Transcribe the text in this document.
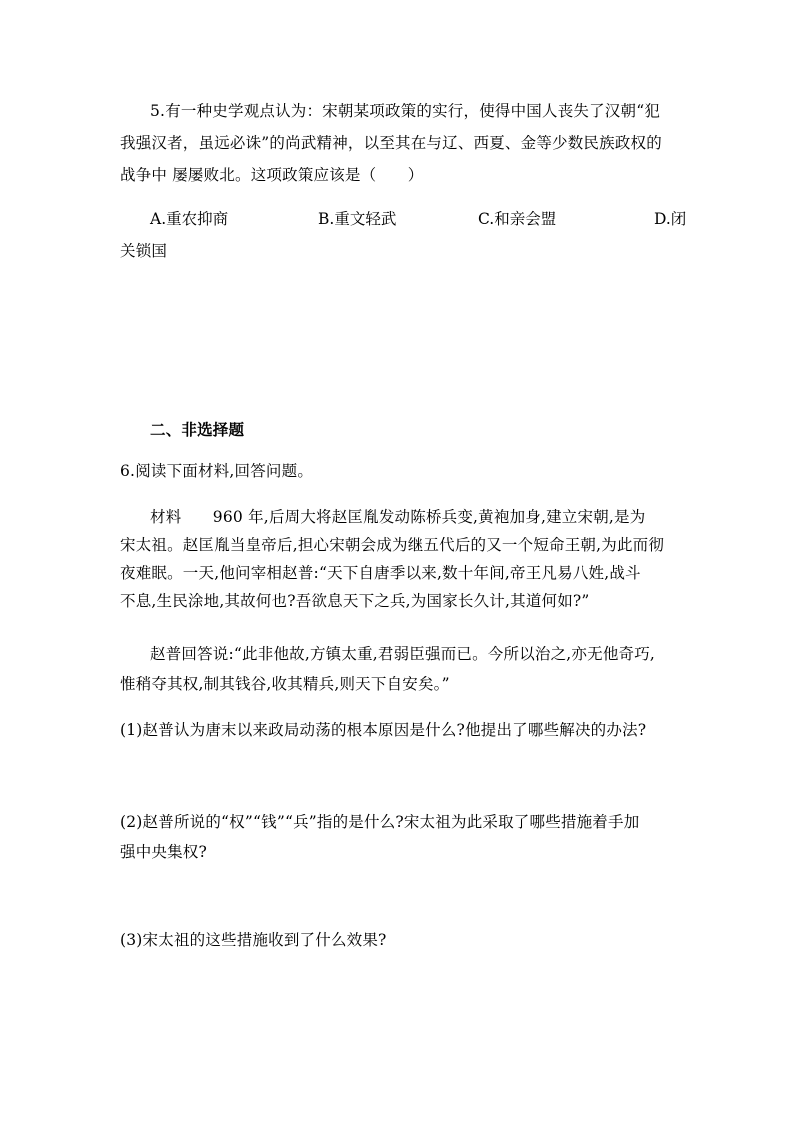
5.有一种史学观点认为：宋朝某项政策的实行，使得中国人丧失了汉朝“犯
我强汉者，虽远必诛”的尚武精神，以至其在与辽、西夏、金等少数民族政权的
战争中 屡屡败北。这项政策应该是（　　）
A.重农抑商	B.重文轻武	C.和亲会盟	D.闭
关锁国
二、非选择题
6.阅读下面材料,回答问题。
材料　　960 年,后周大将赵匡胤发动陈桥兵变,黄袍加身,建立宋朝,是为
宋太祖。赵匡胤当皇帝后,担心宋朝会成为继五代后的又一个短命王朝,为此而彻
夜难眠。一天,他问宰相赵普:“天下自唐季以来,数十年间,帝王凡易八姓,战斗
不息,生民涂地,其故何也?吾欲息天下之兵,为国家长久计,其道何如?”
赵普回答说:“此非他故,方镇太重,君弱臣强而已。今所以治之,亦无他奇巧,
惟稍夺其权,制其钱谷,收其精兵,则天下自安矣。”
(1)赵普认为唐末以来政局动荡的根本原因是什么?他提出了哪些解决的办法?
(2)赵普所说的“权”“钱”“兵”指的是什么?宋太祖为此采取了哪些措施着手加
强中央集权?
(3)宋太祖的这些措施收到了什么效果?
